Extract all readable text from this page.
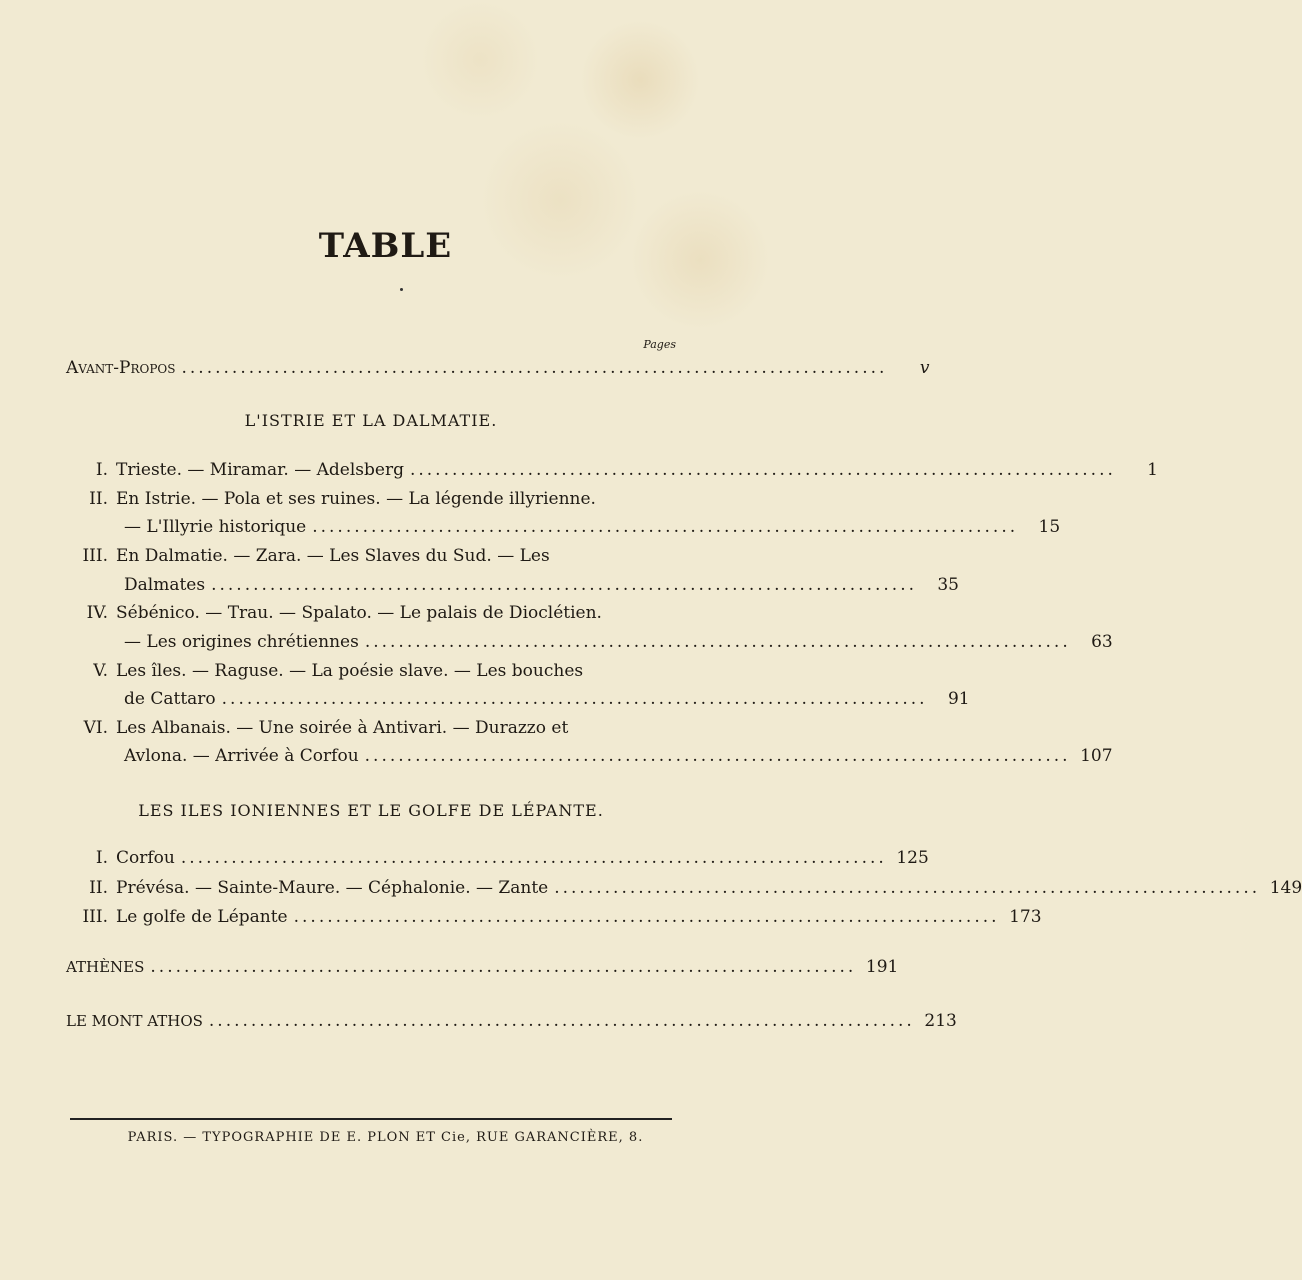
TABLE
Pages
Avant-Propos ....................................................................................	v
L'ISTRIE ET LA DALMATIE.
I. Trieste. — Miramar. — Adelsberg ....................................................................................	1
II. En Istrie. — Pola et ses ruines. — La légende illyrienne.
— L'Illyrie historique ....................................................................................	15
III. En Dalmatie. — Zara. — Les Slaves du Sud. — Les
Dalmates ....................................................................................	35
IV. Sébénico. — Trau. — Spalato. — Le palais de Dioclétien.
— Les origines chrétiennes ....................................................................................	63
V. Les îles. — Raguse. — La poésie slave. — Les bouches
de Cattaro ....................................................................................	91
VI. Les Albanais. — Une soirée à Antivari. — Durazzo et
Avlona. — Arrivée à Corfou .................................................................................... 107
LES ILES IONIENNES ET LE GOLFE DE LÉPANTE.
I. Corfou .................................................................................... 125
II. Prévésa. — Sainte-Maure. — Céphalonie. — Zante .................................................................................... 149
III. Le golfe de Lépante .................................................................................... 173
ATHÈNES .................................................................................... 191
LE MONT ATHOS .................................................................................... 213
PARIS. — TYPOGRAPHIE DE E. PLON ET Cie, RUE GARANCIÈRE, 8.
